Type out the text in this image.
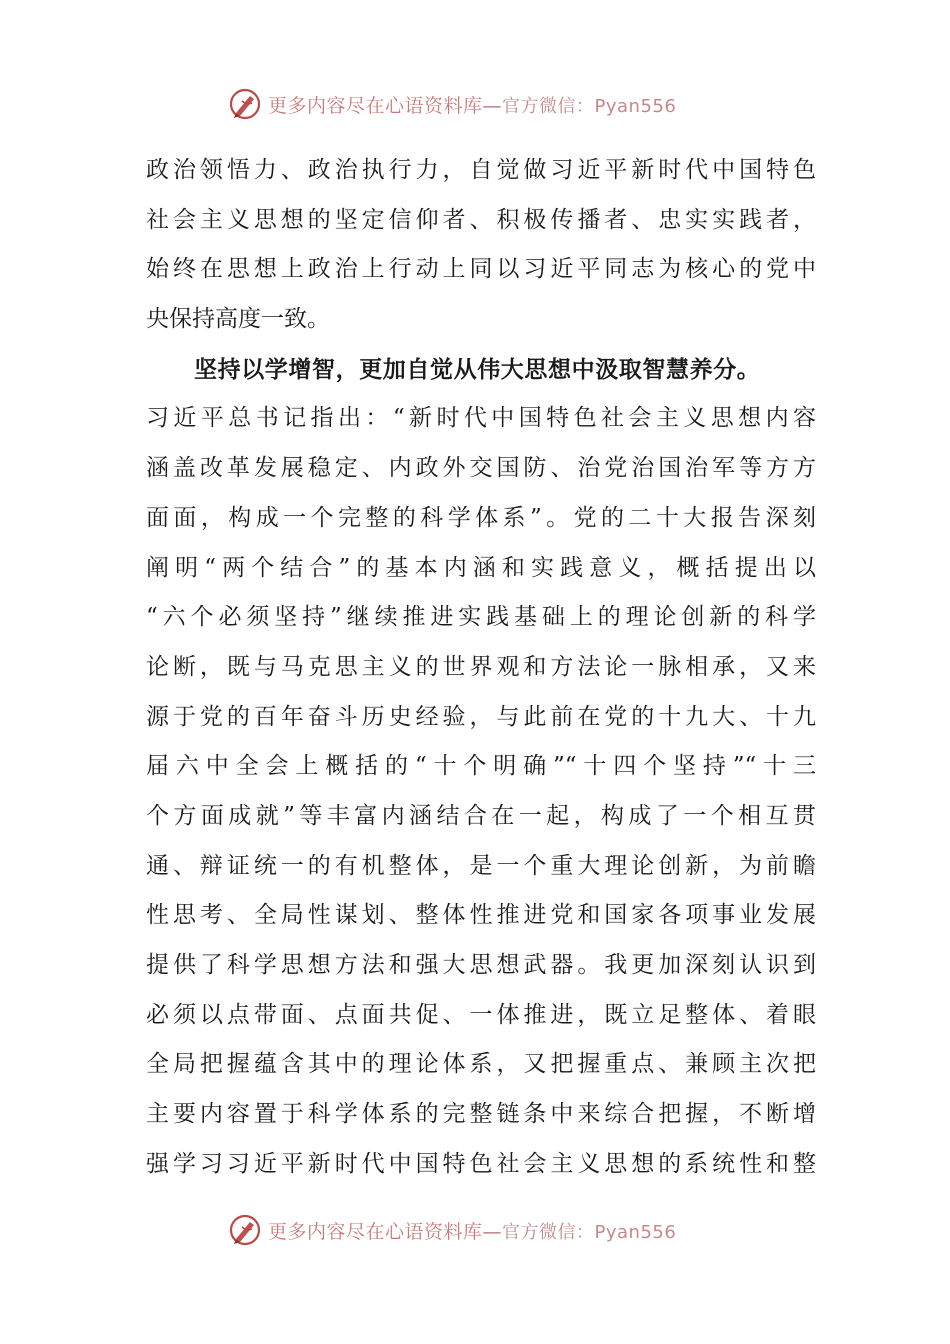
更多内容尽在心语资料库—官方微信：Pyan556
政治领悟力、政治执行力，自觉做习近平新时代中国特色
社会主义思想的坚定信仰者、积极传播者、忠实实践者，
始终在思想上政治上行动上同以习近平同志为核心的党中
央保持高度一致。
坚持以学增智，更加自觉从伟大思想中汲取智慧养分。
习近平总书记指出：“新时代中国特色社会主义思想内容
涵盖改革发展稳定、内政外交国防、治党治国治军等方方
面面，构成一个完整的科学体系”。党的二十大报告深刻
阐明“两个结合”的基本内涵和实践意义，概括提出以
“六个必须坚持”继续推进实践基础上的理论创新的科学
论断，既与马克思主义的世界观和方法论一脉相承，又来
源于党的百年奋斗历史经验，与此前在党的十九大、十九
届六中全会上概括的“十个明确”“十四个坚持”“十三
个方面成就”等丰富内涵结合在一起，构成了一个相互贯
通、辩证统一的有机整体，是一个重大理论创新，为前瞻
性思考、全局性谋划、整体性推进党和国家各项事业发展
提供了科学思想方法和强大思想武器。我更加深刻认识到
必须以点带面、点面共促、一体推进，既立足整体、着眼
全局把握蕴含其中的理论体系，又把握重点、兼顾主次把
主要内容置于科学体系的完整链条中来综合把握，不断增
强学习习近平新时代中国特色社会主义思想的系统性和整
更多内容尽在心语资料库—官方微信：Pyan556
